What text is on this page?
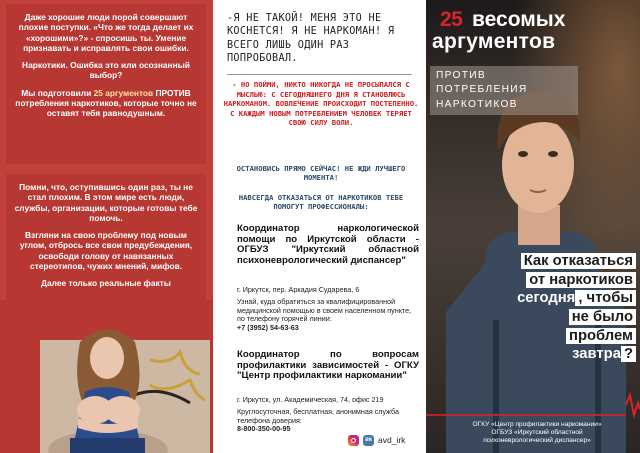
Даже хорошие люди порой совершают плохие поступки. «Что же тогда делает их «хорошими»?» - спросишь ты. Умение признавать и исправлять свои ошибки.

Наркотики. Ошибка это или осознанный выбор?

Мы подготовили 25 аргументов ПРОТИВ потребления наркотиков, которые точно не оставят тебя равнодушным.

Помни, что, оступившись один раз, ты не стал плохим. В этом мире есть люди, службы, организации, которые готовы тебе помочь.

Взгляни на свою проблему под новым углом, отбрось все свои предубеждения, освободи голову от навязанных стереотипов, чужих мнений, мифов.

Далее только реальные факты

-Я НЕ ТАКОЙ! МЕНЯ ЭТО НЕ КОСНЕТСЯ! Я НЕ НАРКОМАН! Я ВСЕГО ЛИШЬ ОДИН РАЗ ПОПРОБОВАЛ.
- НО ПОЙМИ, НИКТО НИКОГДА НЕ ПРОСЫПАЛСЯ С МЫСЛЬЮ: С СЕГОДНЯШНЕГО ДНЯ Я СТАНОВЛЮСЬ НАРКОМАНОМ. ВОВЛЕЧЕНИЕ ПРОИСХОДИТ ПОСТЕПЕННО. С КАЖДЫМ НОВЫМ ПОТРЕБЛЕНИЕМ ЧЕЛОВЕК ТЕРЯЕТ СВОЮ СИЛУ ВОЛИ.
ОСТАНОВИСЬ ПРЯМО СЕЙЧАС! НЕ ЖДИ ЛУЧШЕГО МОМЕНТА!
НАВСЕГДА ОТКАЗАТЬСЯ ОТ НАРКОТИКОВ ТЕБЕ ПОМОГУТ ПРОФЕССИОНАЛЫ:
Координатор наркологической помощи по Иркутской области - ОГБУЗ "Иркутский областной психоневрологический диспансер"
г. Иркутск, пер. Аркадия Сударева, 6
Узнай, куда обратиться за квалифицированной медицинской помощью в своем населенном пункте, по телефону горячей линии:
+7 (3952) 54-63-63
Координатор по вопросам профилактики зависимостей - ОГКУ "Центр профилактики наркомании"
г. Иркутск, ул. Академическая, 74, офис 219
Круглосуточная, бесплатная, анонимная служба телефона доверия:
8-800-350-00-95
вк avd_irk
25 весомых
аргументов
ПРОТИВ
ПОТРЕБЛЕНИЯ
НАРКОТИКОВ
Как отказаться
от наркотиков
сегодня , чтобы
не было
проблем
завтра ?
ОГКУ «Центр профилактики наркомании»
ОГБУЗ «Иркутский областной
психоневрологический диспансер»
